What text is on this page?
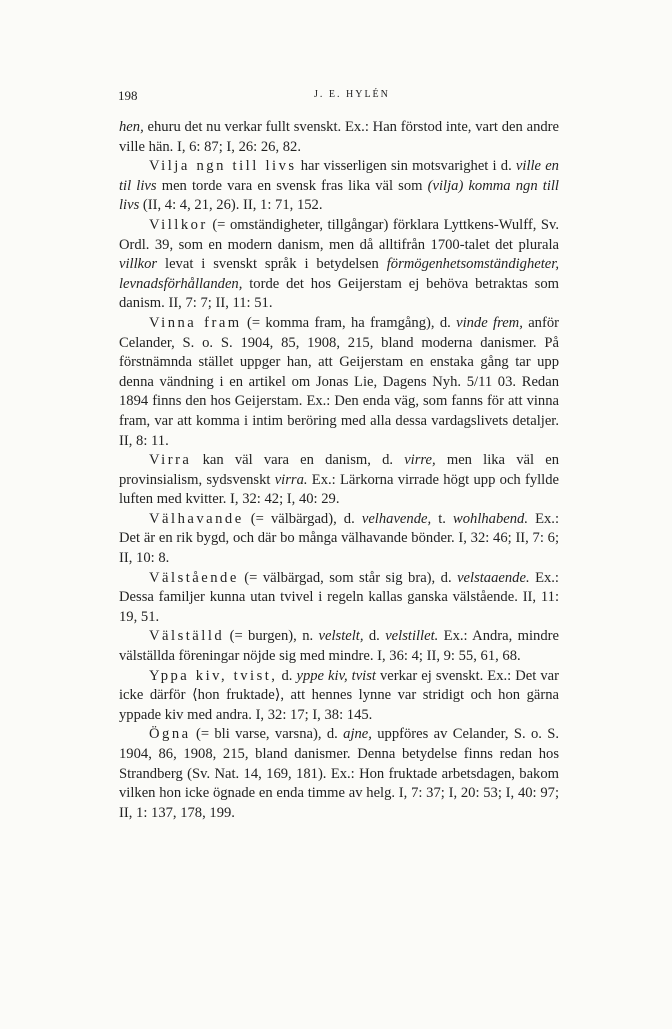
198	J. E. HYLÉN

hen, ehuru det nu verkar fullt svenskt. Ex.: Han förstod inte, vart den andre ville hän. I, 6: 87; I, 26: 26, 82.

Vilja ngn till livs har visserligen sin motsvarighet i d. ville en til livs men torde vara en svensk fras lika väl som (vilja) komma ngn till livs (II, 4: 4, 21, 26). II, 1: 71, 152.

Villkor (= omständigheter, tillgångar) förklara Lyttkens-Wulff, Sv. Ordl. 39, som en modern danism, men då alltifrån 1700-talet det plurala villkor levat i svenskt språk i betydelsen förmögenhetsomständigheter, levnadsförhållanden, torde det hos Geijerstam ej behöva betraktas som danism. II, 7: 7; II, 11: 51.

Vinna fram (= komma fram, ha framgång), d. vinde frem, anför Celander, S. o. S. 1904, 85, 1908, 215, bland moderna danismer. På förstnämnda stället uppger han, att Geijerstam en enstaka gång tar upp denna vändning i en artikel om Jonas Lie, Dagens Nyh. 5/11 03. Redan 1894 finns den hos Geijerstam. Ex.: Den enda väg, som fanns för att vinna fram, var att komma i intim beröring med alla dessa vardagslivets detaljer. II, 8: 11.

Virra kan väl vara en danism, d. virre, men lika väl en provinsialism, sydsvenskt virra. Ex.: Lärkorna virrade högt upp och fyllde luften med kvitter. I, 32: 42; I, 40: 29.

Välhavande (= välbärgad), d. velhavende, t. wohlhabend. Ex.: Det är en rik bygd, och där bo många välhavande bönder. I, 32: 46; II, 7: 6; II, 10: 8.

Välstående (= välbärgad, som står sig bra), d. velstaaende. Ex.: Dessa familjer kunna utan tvivel i regeln kallas ganska välstående. II, 11: 19, 51.

Välställd (= burgen), n. velstelt, d. velstillet. Ex.: Andra, mindre välställda föreningar nöjde sig med mindre. I, 36: 4; II, 9: 55, 61, 68.

Yppa kiv, tvist, d. yppe kiv, tvist verkar ej svenskt. Ex.: Det var icke därför ⟨hon fruktade⟩, att hennes lynne var stridigt och hon gärna yppade kiv med andra. I, 32: 17; I, 38: 145.

Ögna (= bli varse, varsna), d. ajne, uppföres av Celander, S. o. S. 1904, 86, 1908, 215, bland danismer. Denna betydelse finns redan hos Strandberg (Sv. Nat. 14, 169, 181). Ex.: Hon fruktade arbetsdagen, bakom vilken hon icke ögnade en enda timme av helg. I, 7: 37; I, 20: 53; I, 40: 97; II, 1: 137, 178, 199.
